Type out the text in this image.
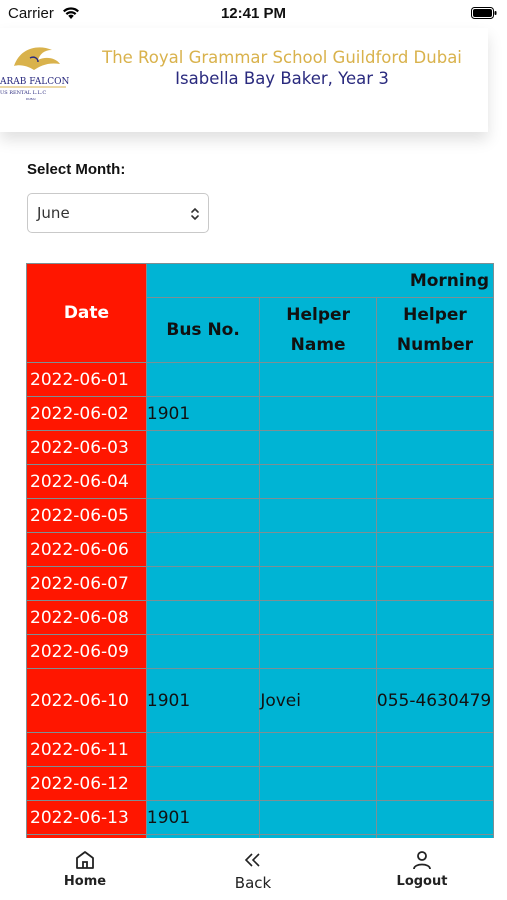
Carrier	12:41 PM
ARAB FALCON
US RENTAL L.L.C
DUBAI
The Royal Grammar School Guildford Dubai
Isabella Bay Baker, Year 3
Select Month:
June
Date	Morning		
	Bus No.	Helper Name	Helper Number
2022-06-01			
2022-06-02	1901		
2022-06-03			
2022-06-04			
2022-06-05			
2022-06-06			
2022-06-07			
2022-06-08			
2022-06-09			
2022-06-10	1901	Jovei	055-4630479
2022-06-11			
2022-06-12			
2022-06-13	1901		

Home	Back	Logout
